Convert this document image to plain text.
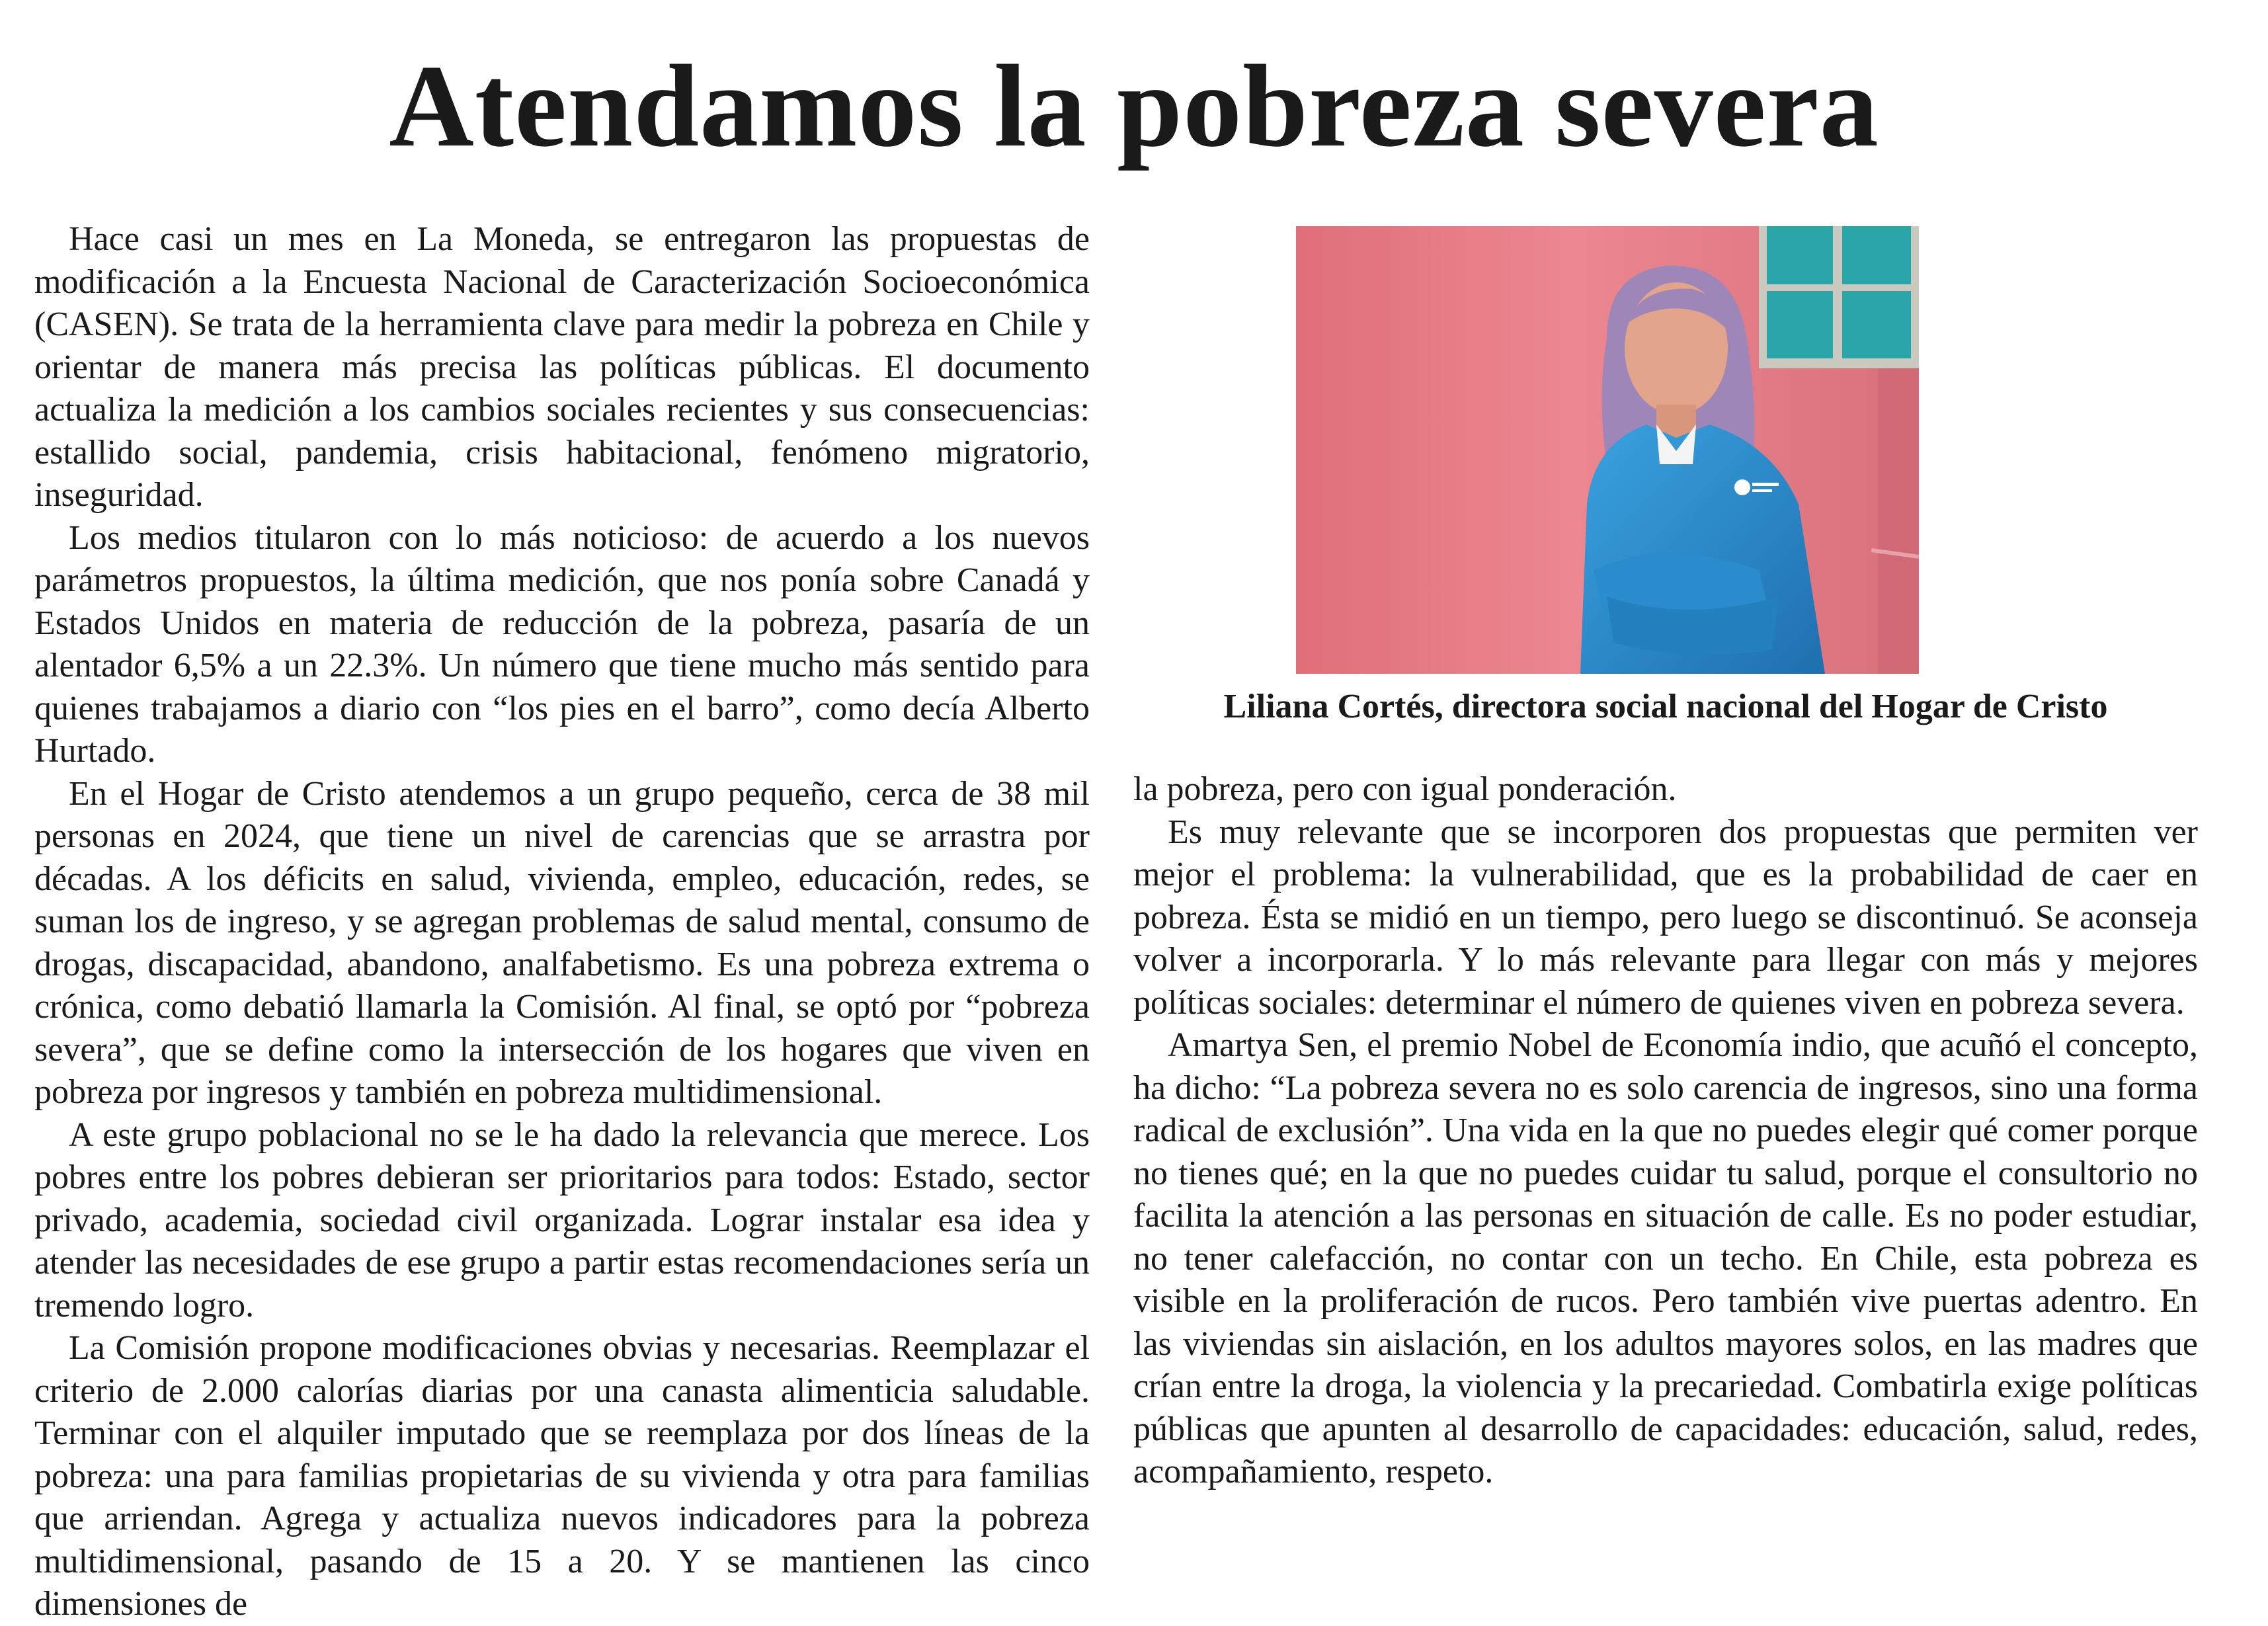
Atendamos la pobreza severa

Hace casi un mes en La Moneda, se entregaron las propuestas de modificación a la Encuesta Nacional de Caracterización Socioeconómica (CASEN). Se trata de la herramienta clave para medir la pobreza en Chile y orientar de manera más precisa las políticas públicas. El documento actualiza la medición a los cambios sociales recientes y sus consecuencias: estallido social, pandemia, crisis habitacional, fenómeno migratorio, inseguridad.

Los medios titularon con lo más noticioso: de acuerdo a los nuevos parámetros propuestos, la última medición, que nos ponía sobre Canadá y Estados Unidos en materia de reducción de la pobreza, pasaría de un alentador 6,5% a un 22.3%. Un número que tiene mucho más sentido para quienes trabajamos a diario con “los pies en el barro”, como decía Alberto Hurtado.

En el Hogar de Cristo atendemos a un grupo pequeño, cerca de 38 mil personas en 2024, que tiene un nivel de carencias que se arrastra por décadas. A los déficits en salud, vivienda, empleo, educación, redes, se suman los de ingreso, y se agregan problemas de salud mental, consumo de drogas, discapacidad, abandono, analfabetismo. Es una pobreza extrema o crónica, como debatió llamarla la Comisión. Al final, se optó por “pobreza severa”, que se define como la intersección de los hogares que viven en pobreza por ingresos y también en pobreza multidimensional.

A este grupo poblacional no se le ha dado la relevancia que merece. Los pobres entre los pobres debieran ser prioritarios para todos: Estado, sector privado, academia, sociedad civil organizada. Lograr instalar esa idea y atender las necesidades de ese grupo a partir estas recomendaciones sería un tremendo logro.

La Comisión propone modificaciones obvias y necesarias. Reemplazar el criterio de 2.000 calorías diarias por una canasta alimenticia saludable. Terminar con el alquiler imputado que se reemplaza por dos líneas de la pobreza: una para familias propietarias de su vivienda y otra para familias que arriendan. Agrega y actualiza nuevos indicadores para la pobreza multidimensional, pasando de 15 a 20. Y se mantienen las cinco dimensiones de

Liliana Cortés, directora social nacional del Hogar de Cristo

la pobreza, pero con igual ponderación.

Es muy relevante que se incorporen dos propuestas que permiten ver mejor el problema: la vulnerabilidad, que es la probabilidad de caer en pobreza. Ésta se midió en un tiempo, pero luego se discontinuó. Se aconseja volver a incorporarla. Y lo más relevante para llegar con más y mejores políticas sociales: determinar el número de quienes viven en pobreza severa.

Amartya Sen, el premio Nobel de Economía indio, que acuñó el concepto, ha dicho: “La pobreza severa no es solo carencia de ingresos, sino una forma radical de exclusión”. Una vida en la que no puedes elegir qué comer porque no tienes qué; en la que no puedes cuidar tu salud, porque el consultorio no facilita la atención a las personas en situación de calle. Es no poder estudiar, no tener calefacción, no contar con un techo. En Chile, esta pobreza es visible en la proliferación de rucos. Pero también vive puertas adentro. En las viviendas sin aislación, en los adultos mayores solos, en las madres que crían entre la droga, la violencia y la precariedad. Combatirla exige políticas públicas que apunten al desarrollo de capacidades: educación, salud, redes, acompañamiento, respeto.
